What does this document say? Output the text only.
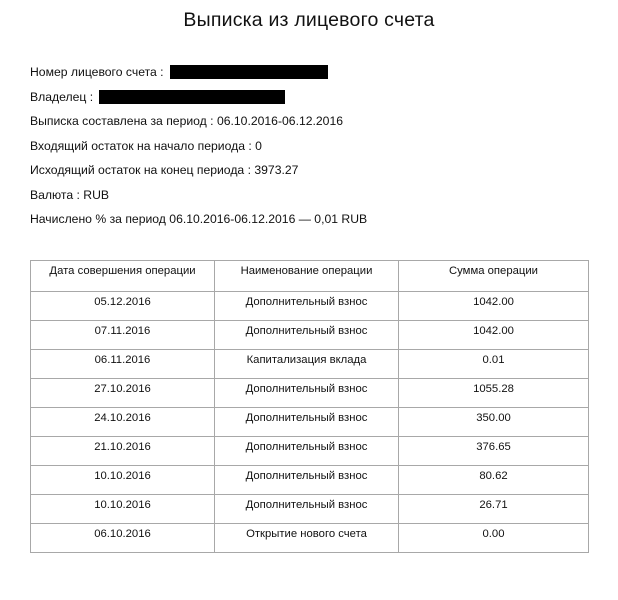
Выписка из лицевого счета
Номер лицевого счета :
Владелец :
Выписка составлена за период : 06.10.2016-06.12.2016
Входящий остаток на начало периода : 0
Исходящий остаток на конец периода : 3973.27
Валюта : RUB
Начислено % за период 06.10.2016-06.12.2016 — 0,01 RUB
Дата совершения операции	Наименование операции	Сумма операции
05.12.2016	Дополнительный взнос	1042.00
07.11.2016	Дополнительный взнос	1042.00
06.11.2016	Капитализация вклада	0.01
27.10.2016	Дополнительный взнос	1055.28
24.10.2016	Дополнительный взнос	350.00
21.10.2016	Дополнительный взнос	376.65
10.10.2016	Дополнительный взнос	80.62
10.10.2016	Дополнительный взнос	26.71
06.10.2016	Открытие нового счета	0.00
